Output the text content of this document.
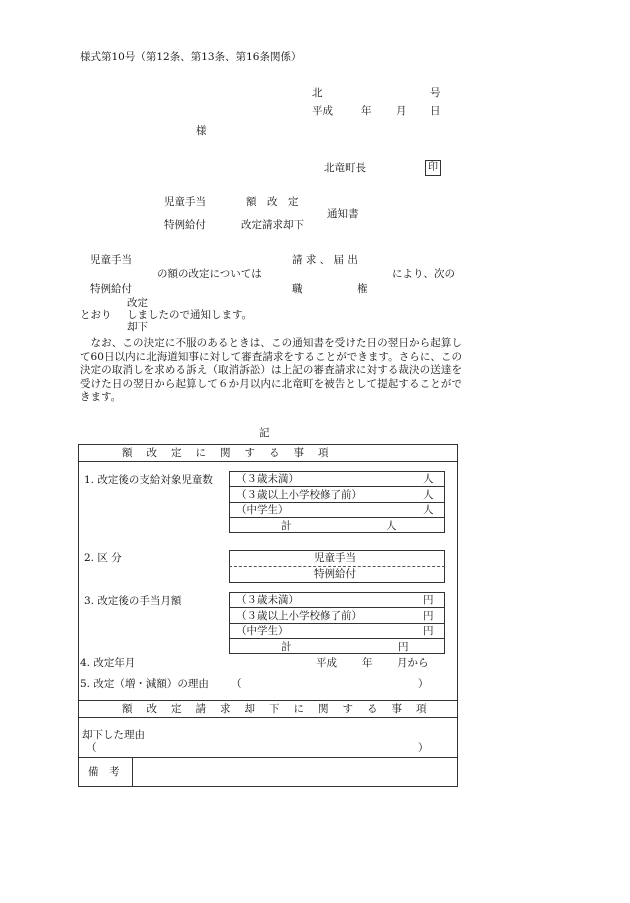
様式第10号（第12条、第13条、第16条関係）
北	号
平成	年 月 日
様
北竜町長	印
児童手当	額　改　定
特例給付	改定請求却下
通知書
児童手当	請 求 、 届 出
の額の改定については	により、次の
特例給付	職	権
改定
とおり しましたので通知します。
却下
なお、この決定に不服のあるときは、この通知書を受けた日の翌日から起算して60日以内に北海道知事に対して審査請求をすることができます。さらに、この決定の取消しを求める訴え（取消訴訟）は上記の審査請求に対する裁決の送達を受けた日の翌日から起算して６か月以内に北竜町を被告として提起することができます。
記
額改定に関する事項
1. 改定後の支給対象児童数 （３歳未満）	人
（３歳以上小学校修了前）	人
（中学生）	人
計	人
2. 区 分	児童手当
特例給付
3. 改定後の手当月額	（３歳未満）	円
（３歳以上小学校修了前）	円
（中学生）	円
計	円
4. 改定年月	平成 年 月から
5. 改定（増・減額）の理由 （	）
額改定請求却下に関する事項
却下した理由
（	）
備　考
